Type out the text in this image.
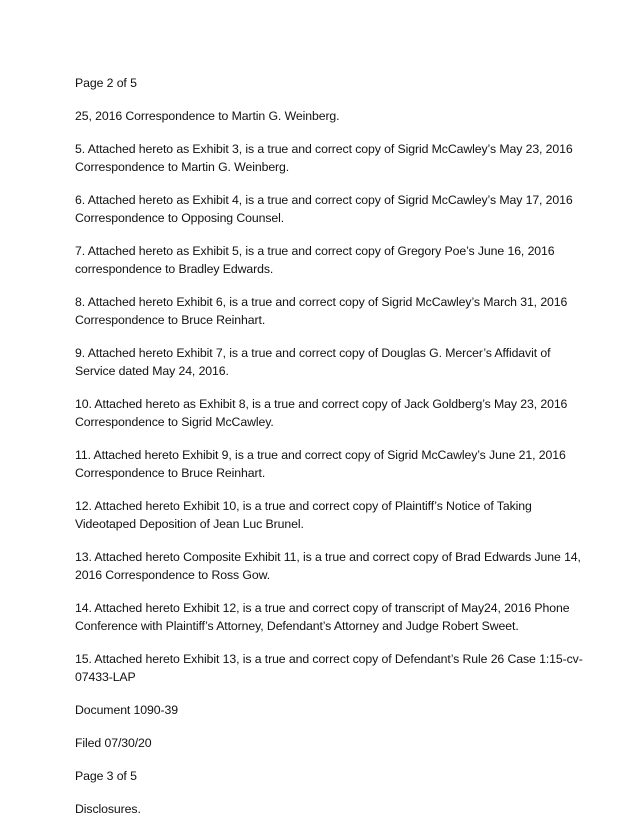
Page 2 of 5

25, 2016 Correspondence to Martin G. Weinberg.

5. Attached hereto as Exhibit 3, is a true and correct copy of Sigrid McCawley’s May 23, 2016
Correspondence to Martin G. Weinberg.

6. Attached hereto as Exhibit 4, is a true and correct copy of Sigrid McCawley’s May 17, 2016
Correspondence to Opposing Counsel.

7. Attached hereto as Exhibit 5, is a true and correct copy of Gregory Poe’s June 16, 2016
correspondence to Bradley Edwards.

8. Attached hereto Exhibit 6, is a true and correct copy of Sigrid McCawley’s March 31, 2016
Correspondence to Bruce Reinhart.

9. Attached hereto Exhibit 7, is a true and correct copy of Douglas G. Mercer’s Affidavit of
Service dated May 24, 2016.

10. Attached hereto as Exhibit 8, is a true and correct copy of Jack Goldberg’s May 23, 2016
Correspondence to Sigrid McCawley.

11. Attached hereto Exhibit 9, is a true and correct copy of Sigrid McCawley’s June 21, 2016
Correspondence to Bruce Reinhart.

12. Attached hereto Exhibit 10, is a true and correct copy of Plaintiff’s Notice of Taking
Videotaped Deposition of Jean Luc Brunel.

13. Attached hereto Composite Exhibit 11, is a true and correct copy of Brad Edwards June 14,
2016 Correspondence to Ross Gow.

14. Attached hereto Exhibit 12, is a true and correct copy of transcript of May24, 2016 Phone
Conference with Plaintiff’s Attorney, Defendant’s Attorney and Judge Robert Sweet.

15. Attached hereto Exhibit 13, is a true and correct copy of Defendant’s Rule 26 Case 1:15-cv-
07433-LAP

Document 1090-39

Filed 07/30/20

Page 3 of 5

Disclosures.
